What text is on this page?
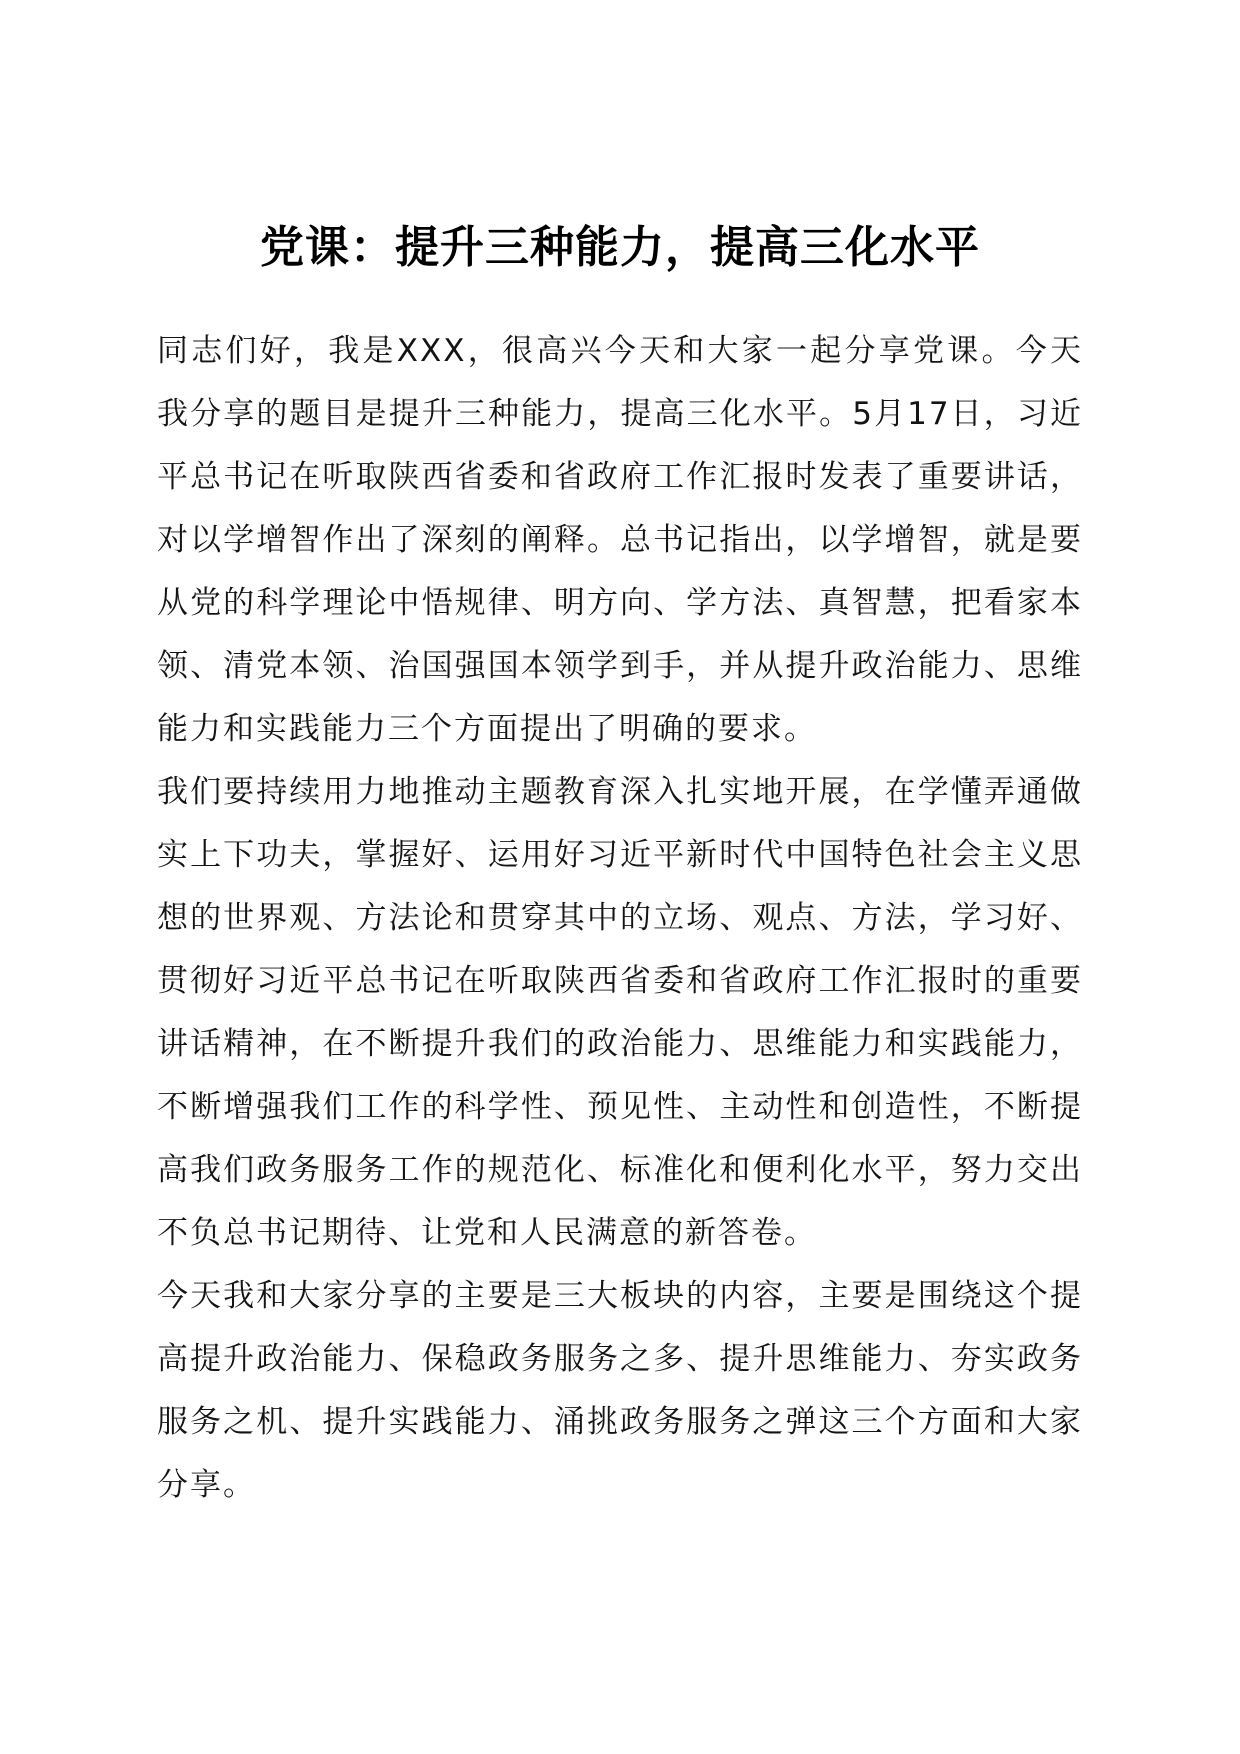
党课：提升三种能力，提高三化水平

同志们好，我是XXX，很高兴今天和大家一起分享党课。今天我分享的题目是提升三种能力，提高三化水平。5月17日，习近平总书记在听取陕西省委和省政府工作汇报时发表了重要讲话，对以学增智作出了深刻的阐释。总书记指出，以学增智，就是要从党的科学理论中悟规律、明方向、学方法、真智慧，把看家本领、清党本领、治国强国本领学到手，并从提升政治能力、思维能力和实践能力三个方面提出了明确的要求。

我们要持续用力地推动主题教育深入扎实地开展，在学懂弄通做实上下功夫，掌握好、运用好习近平新时代中国特色社会主义思想的世界观、方法论和贯穿其中的立场、观点、方法，学习好、贯彻好习近平总书记在听取陕西省委和省政府工作汇报时的重要讲话精神，在不断提升我们的政治能力、思维能力和实践能力，不断增强我们工作的科学性、预见性、主动性和创造性，不断提高我们政务服务工作的规范化、标准化和便利化水平，努力交出不负总书记期待、让党和人民满意的新答卷。

今天我和大家分享的主要是三大板块的内容，主要是围绕这个提高提升政治能力、保稳政务服务之多、提升思维能力、夯实政务服务之机、提升实践能力、涌挑政务服务之弹这三个方面和大家分享。
